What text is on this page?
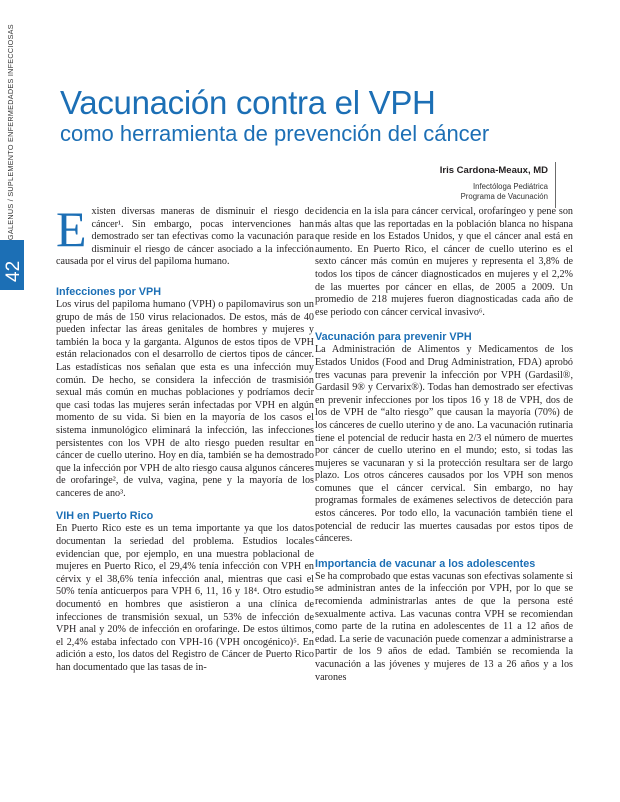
GALENUS / SUPLEMENTO ENFERMEDADES INFECCIOSAS
42
Vacunación contra el VPH
como herramienta de prevención del cáncer
Iris Cardona-Meaux, MD
Infectóloga Pediátrica
Programa de Vacunación

Existen diversas maneras de disminuir el riesgo de cáncer¹. Sin embargo, pocas intervenciones han demostrado ser tan efectivas como la vacunación para disminuir el riesgo de cáncer asociado a la infección causada por el virus del papiloma humano.

Infecciones por VPH

Los virus del papiloma humano (VPH) o papilomavirus son un grupo de más de 150 virus relacionados. De estos, más de 40 pueden infectar las áreas genitales de hombres y mujeres y también la boca y la garganta. Algunos de estos tipos de VPH están relacionados con el desarrollo de ciertos tipos de cáncer. Las estadísticas nos señalan que esta es una infección muy común. De hecho, se considera la infección de trasmisión sexual más común en muchas poblaciones y podríamos decir que casi todas las mujeres serán infectadas por VPH en algún momento de su vida. Si bien en la mayoría de los casos el sistema inmunológico eliminará la infección, las infecciones persistentes con los VPH de alto riesgo pueden resultar en cáncer de cuello uterino. Hoy en día, también se ha demostrado que la infección por VPH de alto riesgo causa algunos cánceres de orofaringe², de vulva, vagina, pene y la mayoría de los canceres de ano³.

VIH en Puerto Rico

En Puerto Rico este es un tema importante ya que los datos documentan la seriedad del problema. Estudios locales evidencian que, por ejemplo, en una muestra poblacional de mujeres en Puerto Rico, el 29,4% tenía infección con VPH en cérvix y el 38,6% tenía infección anal, mientras que casi el 50% tenía anticuerpos para VPH 6, 11, 16 y 18⁴. Otro estudio documentó en hombres que asistieron a una clínica de infecciones de transmisión sexual, un 53% de infección de VPH anal y 20% de infección en orofaringe. De estos últimos, el 2,4% estaba infectado con VPH-16 (VPH oncogénico)⁵. En adición a esto, los datos del Registro de Cáncer de Puerto Rico han documentado que las tasas de in-

cidencia en la isla para cáncer cervical, orofaríngeo y pene son más altas que las reportadas en la población blanca no hispana que reside en los Estados Unidos, y que el cáncer anal está en aumento. En Puerto Rico, el cáncer de cuello uterino es el sexto cáncer más común en mujeres y representa el 3,8% de todos los tipos de cáncer diagnosticados en mujeres y el 2,2% de las muertes por cáncer en ellas, de 2005 a 2009. Un promedio de 218 mujeres fueron diagnosticadas cada año de ese periodo con cáncer cervical invasivo⁶.

Vacunación para prevenir VPH

La Administración de Alimentos y Medicamentos de los Estados Unidos (Food and Drug Administration, FDA) aprobó tres vacunas para prevenir la infección por VPH (Gardasil®, Gardasil 9® y Cervarix®). Todas han demostrado ser efectivas en prevenir infecciones por los tipos 16 y 18 de VPH, dos de los de VPH de “alto riesgo” que causan la mayoría (70%) de los cánceres de cuello uterino y de ano. La vacunación rutinaria tiene el potencial de reducir hasta en 2/3 el número de muertes por cáncer de cuello uterino en el mundo; esto, si todas las mujeres se vacunaran y si la protección resultara ser de largo plazo. Los otros cánceres causados por los VPH son menos comunes que el cáncer cervical. Sin embargo, no hay programas formales de exámenes selectivos de detección para estos cánceres. Por todo ello, la vacunación también tiene el potencial de reducir las muertes causadas por estos tipos de cánceres.

Importancia de vacunar a los adolescentes

Se ha comprobado que estas vacunas son efectivas solamente si se administran antes de la infección por VPH, por lo que se recomienda administrarlas antes de que la persona esté sexualmente activa. Las vacunas contra VPH se recomiendan como parte de la rutina en adolescentes de 11 a 12 años de edad. La serie de vacunación puede comenzar a administrarse a partir de los 9 años de edad. También se recomienda la vacunación a las jóvenes y mujeres de 13 a 26 años y a los varones
